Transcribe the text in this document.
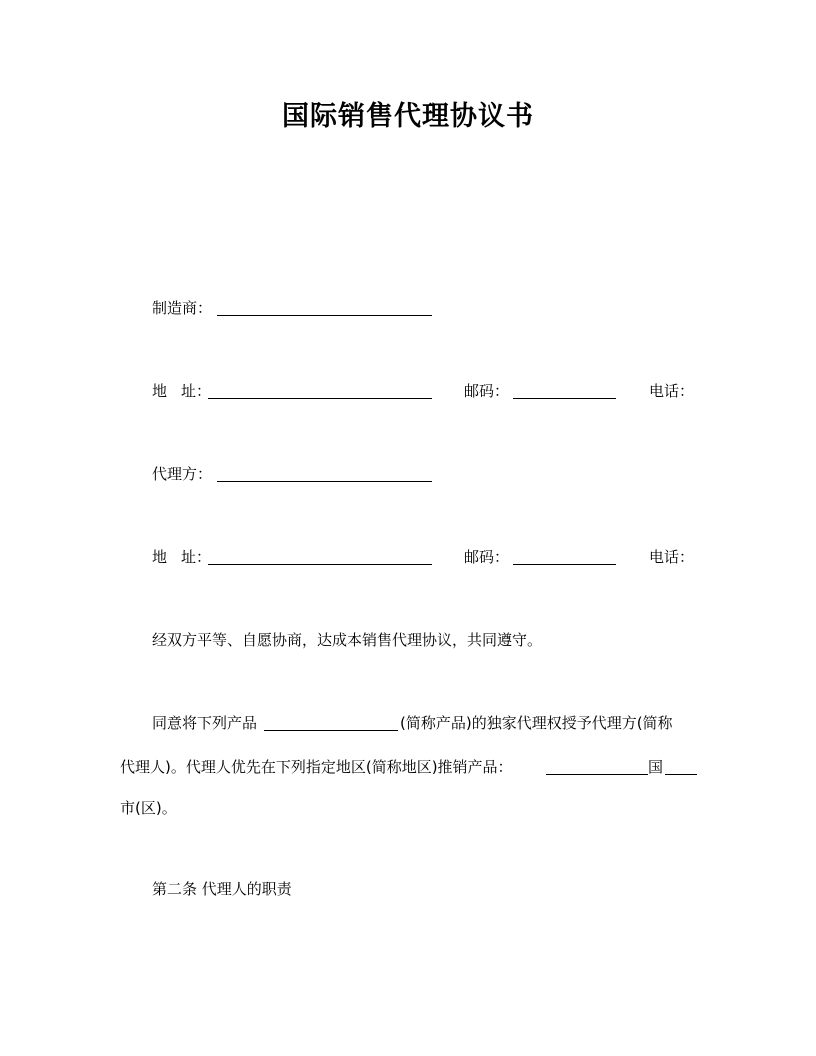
国际销售代理协议书
制造商：
地 址：	邮码：	电话：
代理方：
地 址：	邮码：	电话：
经双方平等、自愿协商，达成本销售代理协议，共同遵守。
同意将下列产品	(简称产品)的独家代理权授予代理方(简称
代理人)。代理人优先在下列指定地区(简称地区)推销产品：	国
市(区)。
第二条 代理人的职责
